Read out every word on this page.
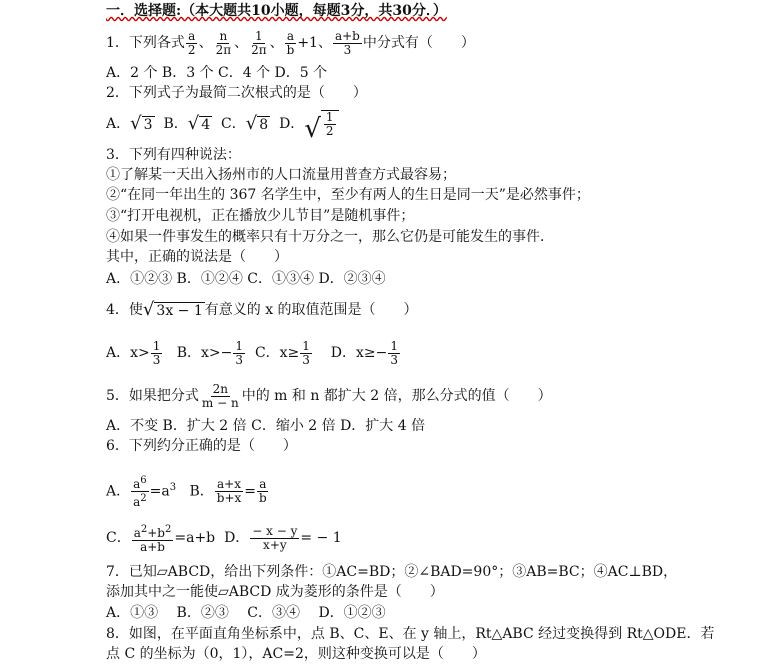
一．选择题:（本大题共10小题，每题3分，共30分．）
1．下列各式 $\frac{a}{2}$ 、 $\frac{n}{2\pi}$ 、 $\frac{1}{2\pi}$ 、 $\frac{a}{b} +1$、 $\frac{a+b}{3}$ 中分式有（　　）
A．2 个 B．3 个 C．4 个 D．5 个
2．下列式子为最简二次根式的是（　　）
A． √ 3 B． √ 4 C． √ 8 D． √ $\frac{1}{2}$
3．下列有四种说法：
①了解某一天出入扬州市的人口流量用普查方式最容易；
②“在同一年出生的 367 名学生中，至少有两人的生日是同一天”是必然事件；
③“打开电视机，正在播放少儿节目”是随机事件；
④如果一件事发生的概率只有十万分之一，那么它仍是可能发生的事件．
其中，正确的说法是（　　）
A．①②③ B．①②④ C．①③④ D．②③④
4．使 √ 3x − 1 有意义的 x 的取值范围是（　　）
A．$x> \frac{1}{3}$ B．$x>- \frac{1}{3}$ C．$x\ge \frac{1}{3}$ D．$x\ge- \frac{1}{3}$
5．如果把分式 $\frac{2n}{m - n}$ 中的 m 和 n 都扩大 2 倍，那么分式的值（　　）
A．不变 B．扩大 2 倍 C．缩小 2 倍 D．扩大 4 倍
6．下列约分正确的是（　　）
A． $\frac{a^6}{a^2} =a^3$ B． $\frac{a+x}{b+x} = \frac{a}{b}$
C． $\frac{a^2+b^2}{a+b} =a+b$ D． $\frac{- x - y}{x+y}$ = − 1
7．已知▱ABCD，给出下列条件：①AC=BD；②∠BAD=90°；③AB=BC；④AC⊥BD，
添加其中之一能使▱ABCD 成为菱形的条件是（　　）
A．①③　 B．②③　 C．③④　 D．①②③
8．如图，在平面直角坐标系中，点 B、C、E、在 y 轴上，Rt△ABC 经过变换得到 Rt△ODE．若
点 C 的坐标为（0，1），AC=2，则这种变换可以是（　　）
